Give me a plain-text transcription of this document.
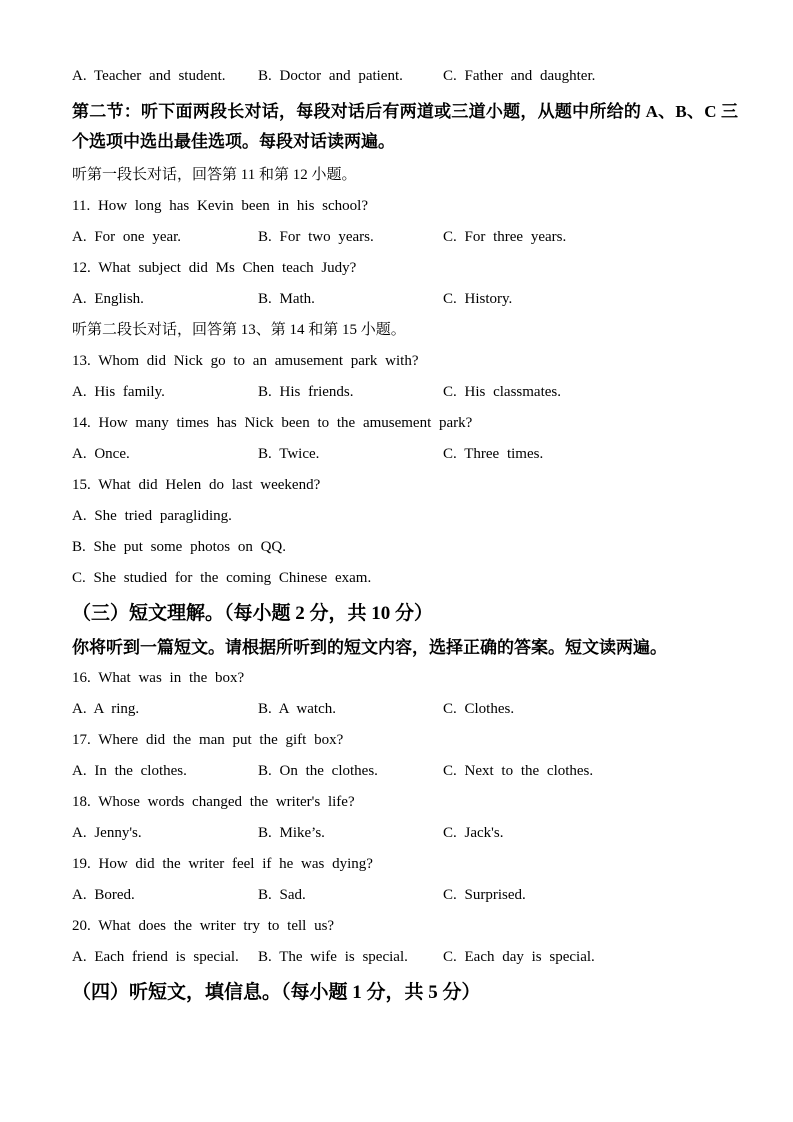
A. Teacher and student.	B. Doctor and patient.	C. Father and daughter.
第二节：听下面两段长对话，每段对话后有两道或三道小题，从题中所给的 A、B、C 三个选项中选出最佳选项。每段对话读两遍。
听第一段长对话，回答第 11 和第 12 小题。
11. How long has Kevin been in his school?
A. For one year.	B. For two years.	C. For three years.
12. What subject did Ms Chen teach Judy?
A. English.	B. Math.	C. History.
听第二段长对话，回答第 13、第 14 和第 15 小题。
13. Whom did Nick go to an amusement park with?
A. His family.	B. His friends.	C. His classmates.
14. How many times has Nick been to the amusement park?
A. Once.	B. Twice.	C. Three times.
15. What did Helen do last weekend?
A. She tried paragliding.
B. She put some photos on QQ.
C. She studied for the coming Chinese exam.
（三）短文理解。（每小题 2 分，共 10 分）
你将听到一篇短文。请根据所听到的短文内容，选择正确的答案。短文读两遍。
16. What was in the box?
A. A ring.	B. A watch.	C. Clothes.
17. Where did the man put the gift box?
A. In the clothes.	B. On the clothes.	C. Next to the clothes.
18. Whose words changed the writer's life?
A. Jenny's.	B. Mike’s.	C. Jack's.
19. How did the writer feel if he was dying?
A. Bored.	B. Sad.	C. Surprised.
20. What does the writer try to tell us?
A. Each friend is special.	B. The wife is special.	C. Each day is special.
（四）听短文，填信息。（每小题 1 分，共 5 分）
